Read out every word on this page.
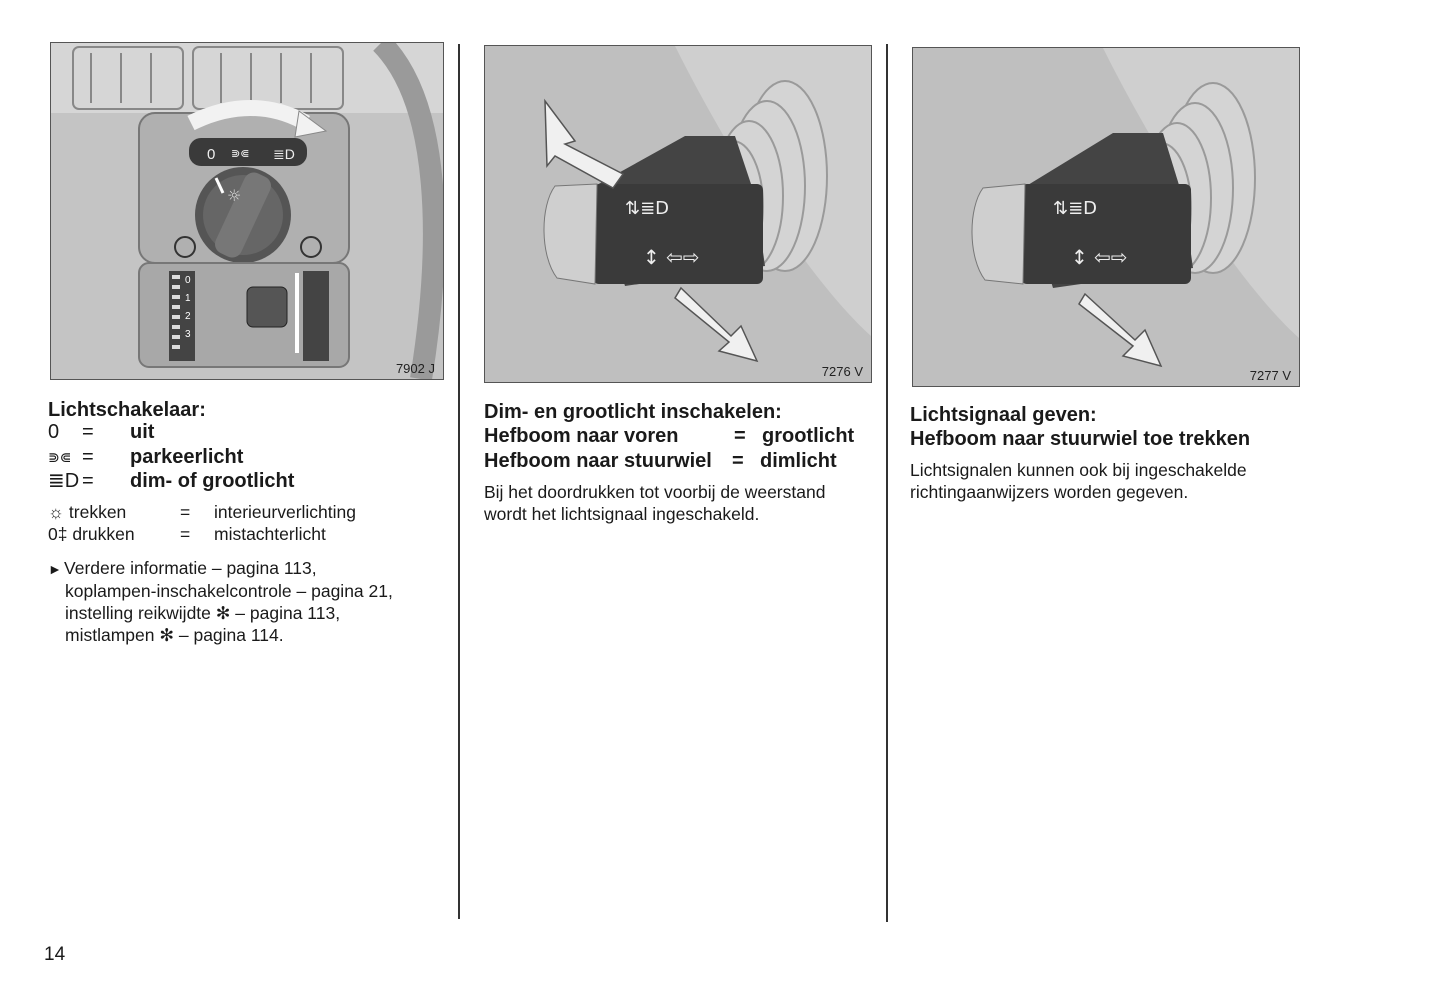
0 ⋑⋐ ≣D
☼
0
1
2
3
7902 J
Lichtschakelaar:
0	=	uit
⋑⋐ =	parkeerlicht
≣D =	dim- of grootlicht
☼ trekken	=	interieurverlichting
0‡ drukken	=	mistachterlicht
► Verdere informatie – pagina 113,
koplampen-inschakelcontrole – pagina 21,
instelling reikwijdte ✻ – pagina 113,
mistlampen ✻ – pagina 114.
⇅≣D
↕ ⇦⇨
7276 V
Dim- en grootlicht inschakelen:
Hefboom naar voren	= grootlicht
Hefboom naar stuurwiel	= dimlicht
Bij het doordrukken tot voorbij de weerstand wordt het lichtsignaal ingeschakeld.
⇅≣D
↕ ⇦⇨
7277 V
Lichtsignaal geven:
Hefboom naar stuurwiel toe trekken
Lichtsignalen kunnen ook bij ingeschakelde richtingaanwijzers worden gegeven.
14
